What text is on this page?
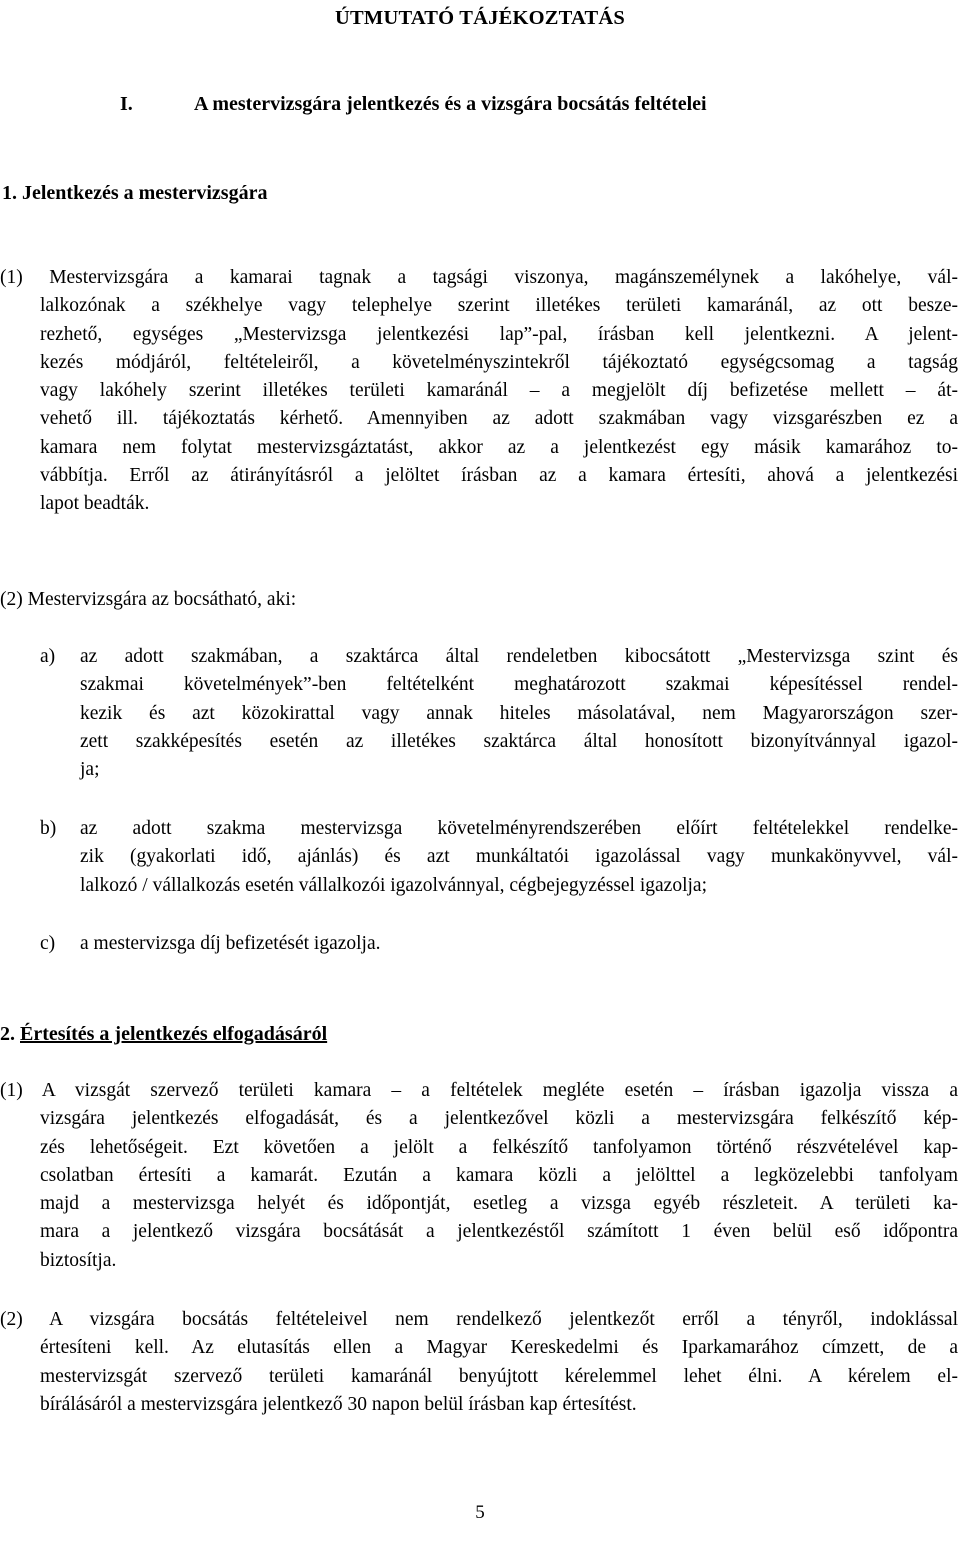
ÚTMUTATÓ TÁJÉKOZTATÁS
I.	A mestervizsgára jelentkezés és a vizsgára bocsátás feltételei
1. Jelentkezés a mestervizsgára
(1) Mestervizsgára a kamarai tagnak a tagsági viszonya, magánszemélynek a lakóhelye, vál-
lalkozónak a székhelye vagy telephelye szerint illetékes területi kamaránál, az ott besze-
rezhető, egységes „Mestervizsga jelentkezési lap”-pal, írásban kell jelentkezni. A jelent-
kezés módjáról, feltételeiről, a követelményszintekről tájékoztató egységcsomag a tagság
vagy lakóhely szerint illetékes területi kamaránál – a megjelölt díj befizetése mellett – át-
vehető ill. tájékoztatás kérhető. Amennyiben az adott szakmában vagy vizsgarészben ez a
kamara nem folytat mestervizsgáztatást, akkor az a jelentkezést egy másik kamarához to-
vábbítja. Erről az átirányításról a jelöltet írásban az a kamara értesíti, ahová a jelentkezési
lapot beadták.
(2) Mestervizsgára az bocsátható, aki:
a) az adott szakmában, a szaktárca által rendeletben kibocsátott „Mestervizsga szint és
szakmai követelmények”-ben feltételként meghatározott szakmai képesítéssel rendel-
kezik és azt közokirattal vagy annak hiteles másolatával, nem Magyarországon szer-
zett szakképesítés esetén az illetékes szaktárca által honosított bizonyítvánnyal igazol-
ja;
b) az adott szakma mestervizsga követelményrendszerében előírt feltételekkel rendelke-
zik (gyakorlati idő, ajánlás) és azt munkáltatói igazolással vagy munkakönyvvel, vál-
lalkozó / vállalkozás esetén vállalkozói igazolvánnyal, cégbejegyzéssel igazolja;
c) a mestervizsga díj befizetését igazolja.
2. Értesítés a jelentkezés elfogadásáról
(1) A vizsgát szervező területi kamara – a feltételek megléte esetén – írásban igazolja vissza a
vizsgára jelentkezés elfogadását, és a jelentkezővel közli a mestervizsgára felkészítő kép-
zés lehetőségeit. Ezt követően a jelölt a felkészítő tanfolyamon történő részvételével kap-
csolatban értesíti a kamarát. Ezután a kamara közli a jelölttel a legközelebbi tanfolyam
majd a mestervizsga helyét és időpontját, esetleg a vizsga egyéb részleteit. A területi ka-
mara a jelentkező vizsgára bocsátását a jelentkezéstől számított 1 éven belül eső időpontra
biztosítja.
(2) A vizsgára bocsátás feltételeivel nem rendelkező jelentkezőt erről a tényről, indoklással
értesíteni kell. Az elutasítás ellen a Magyar Kereskedelmi és Iparkamarához címzett, de a
mestervizsgát szervező területi kamaránál benyújtott kérelemmel lehet élni. A kérelem el-
bírálásáról a mestervizsgára jelentkező 30 napon belül írásban kap értesítést.
5
